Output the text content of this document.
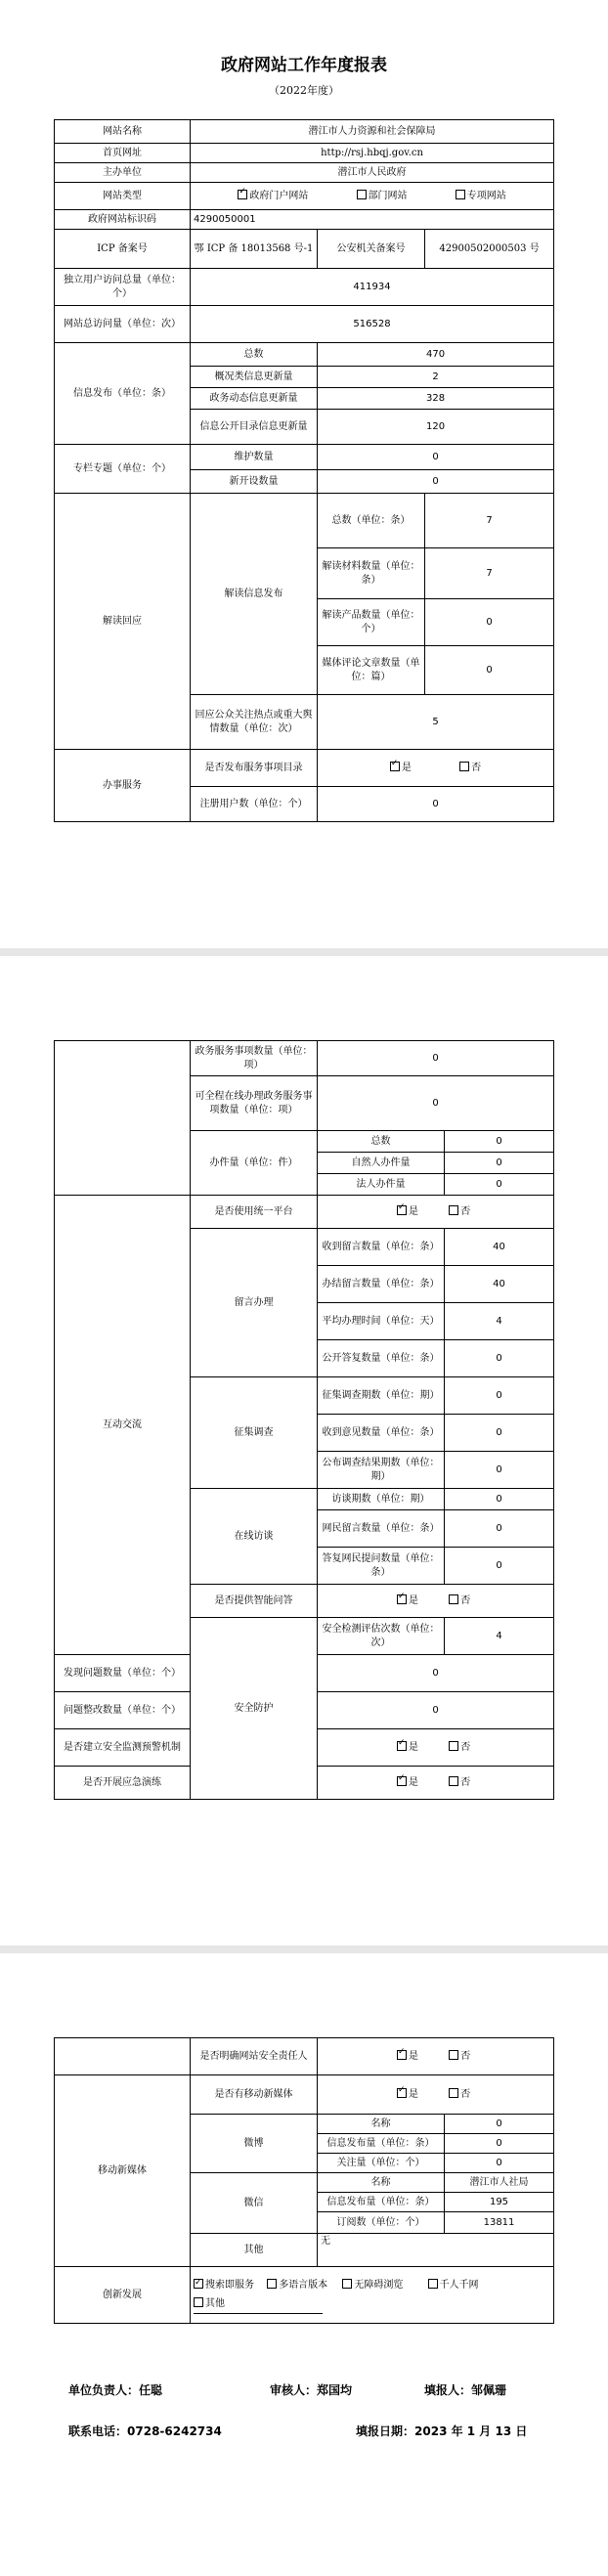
政府网站工作年度报表
（2022年度）
网站名称	潜江市人力资源和社会保障局		
首页网址	http://rsj.hbqj.gov.cn		
主办单位	潜江市人民政府		
网站类型	✓政府门户网站 部门网站 专项网站
政府网站标识码	4290050001		
ICP 备案号	鄂 ICP 备 18013568 号-1	公安机关备案号	42900502000503 号
独立用户访问总量（单位：个）	411934		
网站总访问量（单位：次）	516528		
信息发布（单位：条）	总数	470	
	概况类信息更新量	2	
	政务动态信息更新量	328	
	信息公开目录信息更新量	120	
专栏专题（单位：个）	维护数量	0	
	新开设数量	0	
解读回应	解读信息发布	总数（单位：条）	7
		解读材料数量（单位：条）	7
		解读产品数量（单位：个）	0
		媒体评论文章数量（单位：篇）	0
	回应公众关注热点或重大舆情数量（单位：次）	5	
办事服务	是否发布服务事项目录	✓是 否
	注册用户数（单位：个）	0	
	政务服务事项数量（单位：项）	0	
	可全程在线办理政务服务事项数量（单位：项）	0	
	办件量（单位：件）	总数	0
		自然人办件量	0
		法人办件量	0
互动交流	是否使用统一平台	✓是 否
	留言办理	收到留言数量（单位：条）	40
		办结留言数量（单位：条）	40
		平均办理时间（单位：天）	4
		公开答复数量（单位：条）	0
	征集调查	征集调查期数（单位：期）	0
		收到意见数量（单位：条）	0
		公布调查结果期数（单位：期）	0
	在线访谈	访谈期数（单位：期）	0
		网民留言数量（单位：条）	0
		答复网民提问数量（单位：条）	0
	是否提供智能问答	✓是 否
	安全防护	安全检测评估次数（单位：次）	4
发现问题数量（单位：个）		0	
问题整改数量（单位：个）		0	
是否建立安全监测预警机制	✓是 否
是否开展应急演练	✓是 否
	是否明确网站安全责任人	✓是 否
移动新媒体	是否有移动新媒体	✓是 否
	微博	名称	0
		信息发布量（单位：条）	0
		关注量（单位：个）	0
	微信	名称	潜江市人社局
		信息发布量（单位：条）	195
		订阅数（单位：个）	13811
	其他	无	
创新发展	✓搜索即服务 多语言版本 无障碍浏览 千人千网
其他
单位负责人：任聪	审核人：郑国均	填报人：邹佩珊
联系电话：0728-6242734	填报日期：2023 年 1 月 13 日
